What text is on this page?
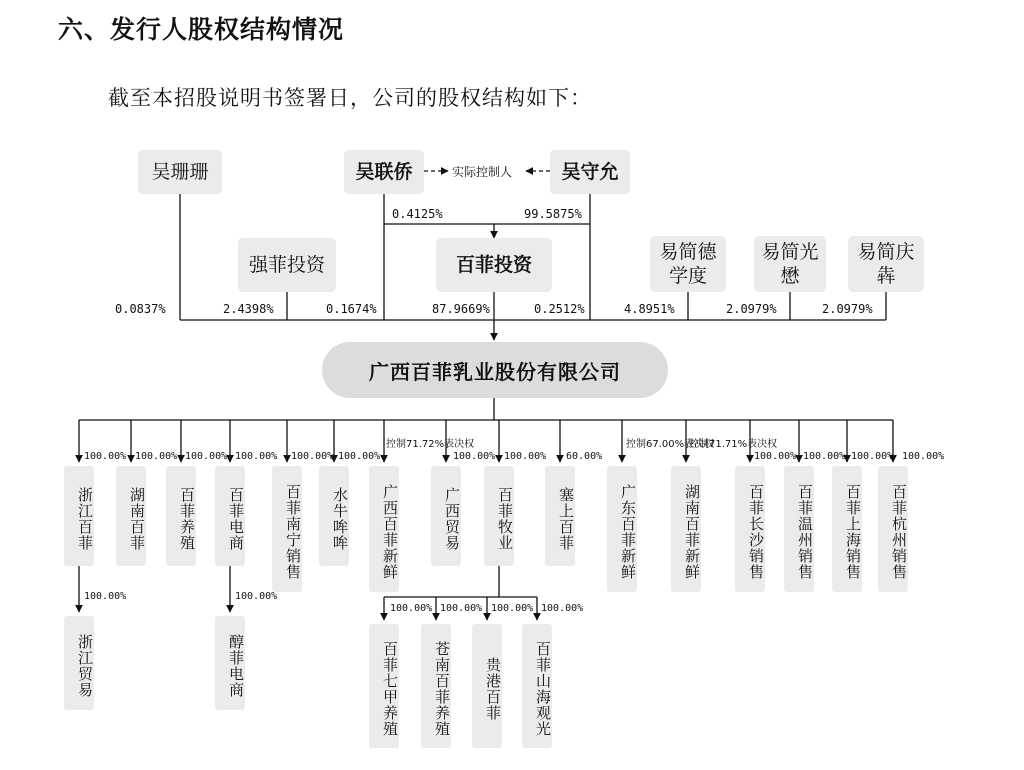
六、发行人股权结构情况
截至本招股说明书签署日，公司的股权结构如下：
吴珊珊	吴联侨	吴守允
实际控制人
0.4125%	99.5875%
强菲投资	百菲投资
易简德学度
易简光懋
易简庆犇
0.0837%	2.4398%	0.1674%	87.9669%	0.2512%	4.8951%	2.0979%	2.0979%
广西百菲乳业股份有限公司
100.00% 100.00% 100.00% 100.00% 100.00% 100.00%
控制71.72%表决权
100.00% 100.00% 60.00%
控制67.00%表决权
控制71.71%表决权
100.00% 100.00% 100.00% 100.00%
浙江百菲	湖南百菲	百菲养殖	百菲电商	百菲南宁销售	水牛哞哞	广西百菲新鲜	广西贸易	百菲牧业	塞上百菲	广东百菲新鲜	湖南百菲新鲜	百菲长沙销售	百菲温州销售	百菲上海销售	百菲杭州销售
100.00%
浙江贸易
100.00%
醇菲电商
100.00% 100.00% 100.00% 100.00%
百菲七甲养殖	苍南百菲养殖	贵港百菲	百菲山海观光
